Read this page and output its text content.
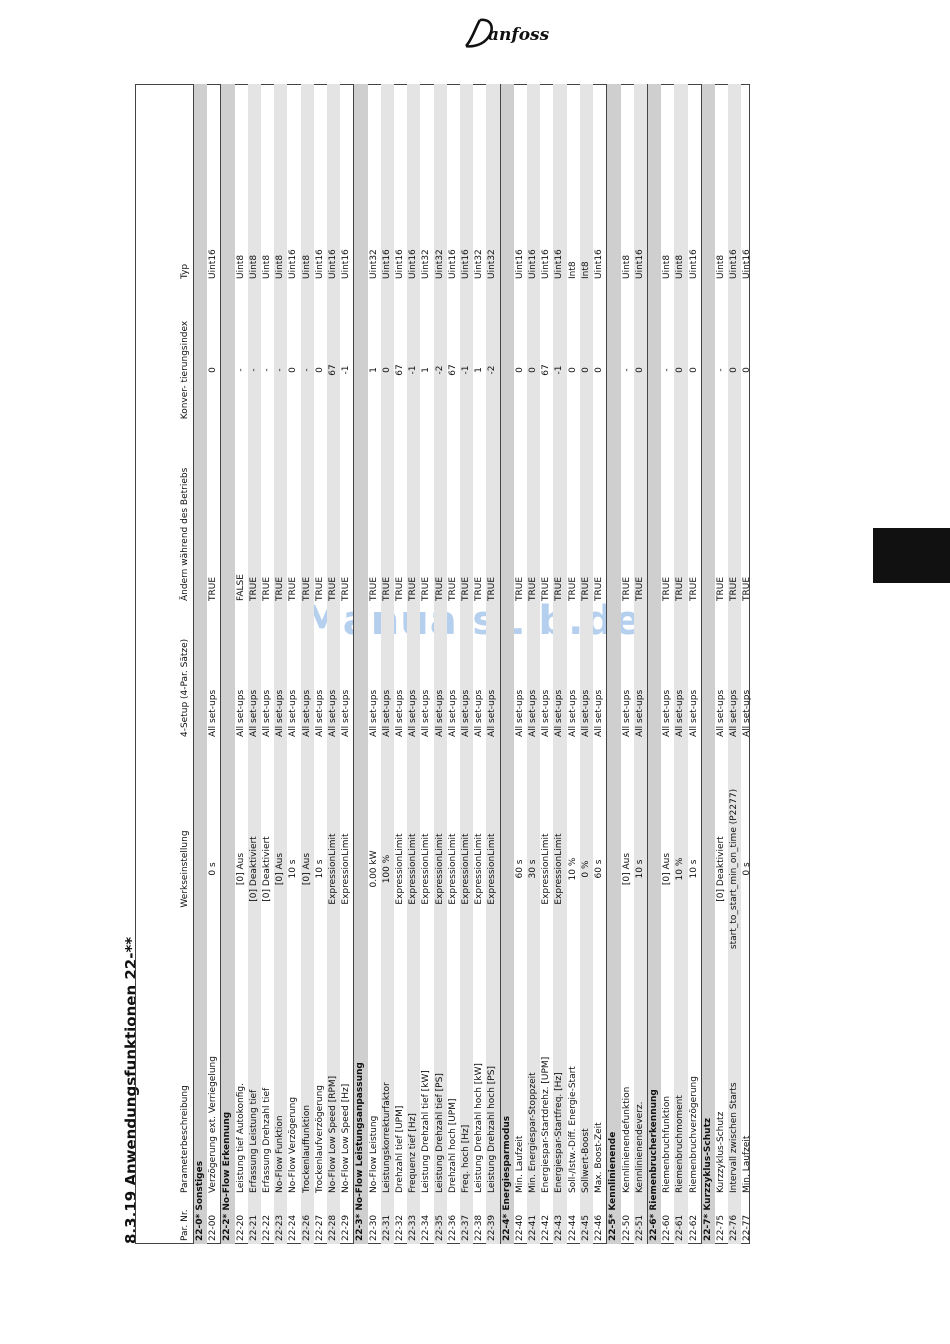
anfoss
8.3.19 Anwendungsfunktionen 22-**	Par. Nr.	Parameterbeschreibung	Werkseinstellung	4-Setup (4-Par. Sätze)	Ändern während des Betriebs	Konver- tierungsindex	Typ
22-0* Sonstiges						
22-00	Verzögerung ext. Verriegelung	0 s	All set-ups	TRUE	0	Uint16
22-2* No-Flow Erkennung						
22-20	Leistung tief Autokonfig.	[0] Aus	All set-ups	FALSE	-	Uint8
22-21	Erfassung Leistung tief	[0] Deaktiviert	All set-ups	TRUE	-	Uint8
22-22	Erfassung Drehzahl tief	[0] Deaktiviert	All set-ups	TRUE	-	Uint8
22-23	No-Flow Funktion	[0] Aus	All set-ups	TRUE	-	Uint8
22-24	No-Flow Verzögerung	10 s	All set-ups	TRUE	0	Uint16
22-26	Trockenlauffunktion	[0] Aus	All set-ups	TRUE	-	Uint8
22-27	Trockenlaufverzögerung	10 s	All set-ups	TRUE	0	Uint16
22-28	No-Flow Low Speed [RPM]	ExpressionLimit	All set-ups	TRUE	67	Uint16
22-29	No-Flow Low Speed [Hz]	ExpressionLimit	All set-ups	TRUE	-1	Uint16
22-3* No-Flow Leistungsanpassung						
22-30	No-Flow Leistung	0.00 kW	All set-ups	TRUE	1	Uint32
22-31	Leistungskorrekturfaktor	100 %	All set-ups	TRUE	0	Uint16
22-32	Drehzahl tief [UPM]	ExpressionLimit	All set-ups	TRUE	67	Uint16
22-33	Frequenz tief [Hz]	ExpressionLimit	All set-ups	TRUE	-1	Uint16
22-34	Leistung Drehzahl tief [kW]	ExpressionLimit	All set-ups	TRUE	1	Uint32
22-35	Leistung Drehzahl tief [PS]	ExpressionLimit	All set-ups	TRUE	-2	Uint32
22-36	Drehzahl hoch [UPM]	ExpressionLimit	All set-ups	TRUE	67	Uint16
22-37	Freq. hoch [Hz]	ExpressionLimit	All set-ups	TRUE	-1	Uint16
22-38	Leistung Drehzahl hoch [kW]	ExpressionLimit	All set-ups	TRUE	1	Uint32
22-39	Leistung Drehzahl hoch [PS]	ExpressionLimit	All set-ups	TRUE	-2	Uint32
22-4* Energiesparmodus						
22-40	Min. Laufzeit	60 s	All set-ups	TRUE	0	Uint16
22-41	Min. Energiespar-Stoppzeit	30 s	All set-ups	TRUE	0	Uint16
22-42	Energiespar-Startdrehz. [UPM]	ExpressionLimit	All set-ups	TRUE	67	Uint16
22-43	Energiespar-Startfreq. [Hz]	ExpressionLimit	All set-ups	TRUE	-1	Uint16
22-44	Soll-/Istw.-Diff. Energie-Start	10 %	All set-ups	TRUE	0	Int8
22-45	Sollwert-Boost	0 %	All set-ups	TRUE	0	Int8
22-46	Max. Boost-Zeit	60 s	All set-ups	TRUE	0	Uint16
22-5* Kennlinienende						
22-50	Kennlinienendefunktion	[0] Aus	All set-ups	TRUE	-	Uint8
22-51	Kennlinienendeverz.	10 s	All set-ups	TRUE	0	Uint16
22-6* Riemenbrucherkennung						
22-60	Riemenbruchfunktion	[0] Aus	All set-ups	TRUE	-	Uint8
22-61	Riemenbruchmoment	10 %	All set-ups	TRUE	0	Uint8
22-62	Riemenbruchverzögerung	10 s	All set-ups	TRUE	0	Uint16
22-7* Kurzzyklus-Schutz						
22-75	Kurzzyklus-Schutz	[0] Deaktiviert	All set-ups	TRUE	-	Uint8
22-76	Intervall zwischen Starts	start_to_start_min_on_time (P2277)	All set-ups	TRUE	0	Uint16
22-77	Min. Laufzeit	0 s	All set-ups	TRUE	0	Uint16
